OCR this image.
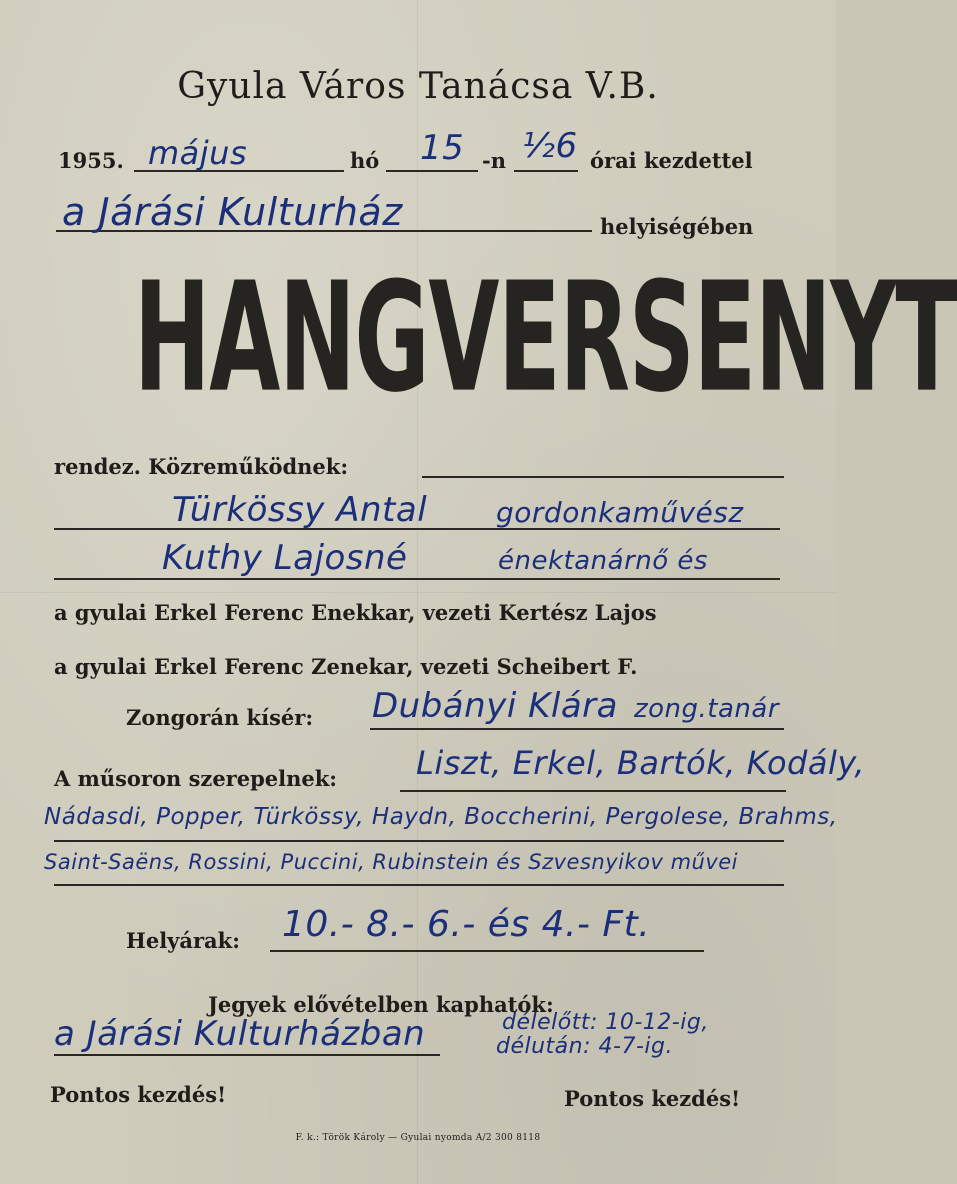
Gyula Város Tanácsa V.B.
1955. május	hó 15 -n ½6 órai kezdettel
a Járási Kulturház	helyiségében
HANGVERSENYT
rendez. Közreműködnek:
Türkössy Antal gordonkaművész
Kuthy Lajosné	énektanárnő és
a gyulai Erkel Ferenc Enekkar, vezeti Kertész Lajos
a gyulai Erkel Ferenc Zenekar, vezeti Scheibert F.
Zongorán kísér: Dubányi Klára zong.tanár
A műsoron szerepelnek: Liszt, Erkel, Bartók, Kodály,
Nádasdi, Popper, Türkössy, Haydn, Boccherini, Pergolese, Brahms,
Saint-Saëns, Rossini, Puccini, Rubinstein és Szvesnyikov művei
Helyárak: 10.- 8.- 6.- és 4.- Ft.
Jegyek elővételben kaphatók:
a Járási Kulturházban	délelőtt: 10-12-ig,
délután: 4-7-ig.
Pontos kezdés!	Pontos kezdés!
F. k.: Török Károly — Gyulai nyomda A/2 300 8118
